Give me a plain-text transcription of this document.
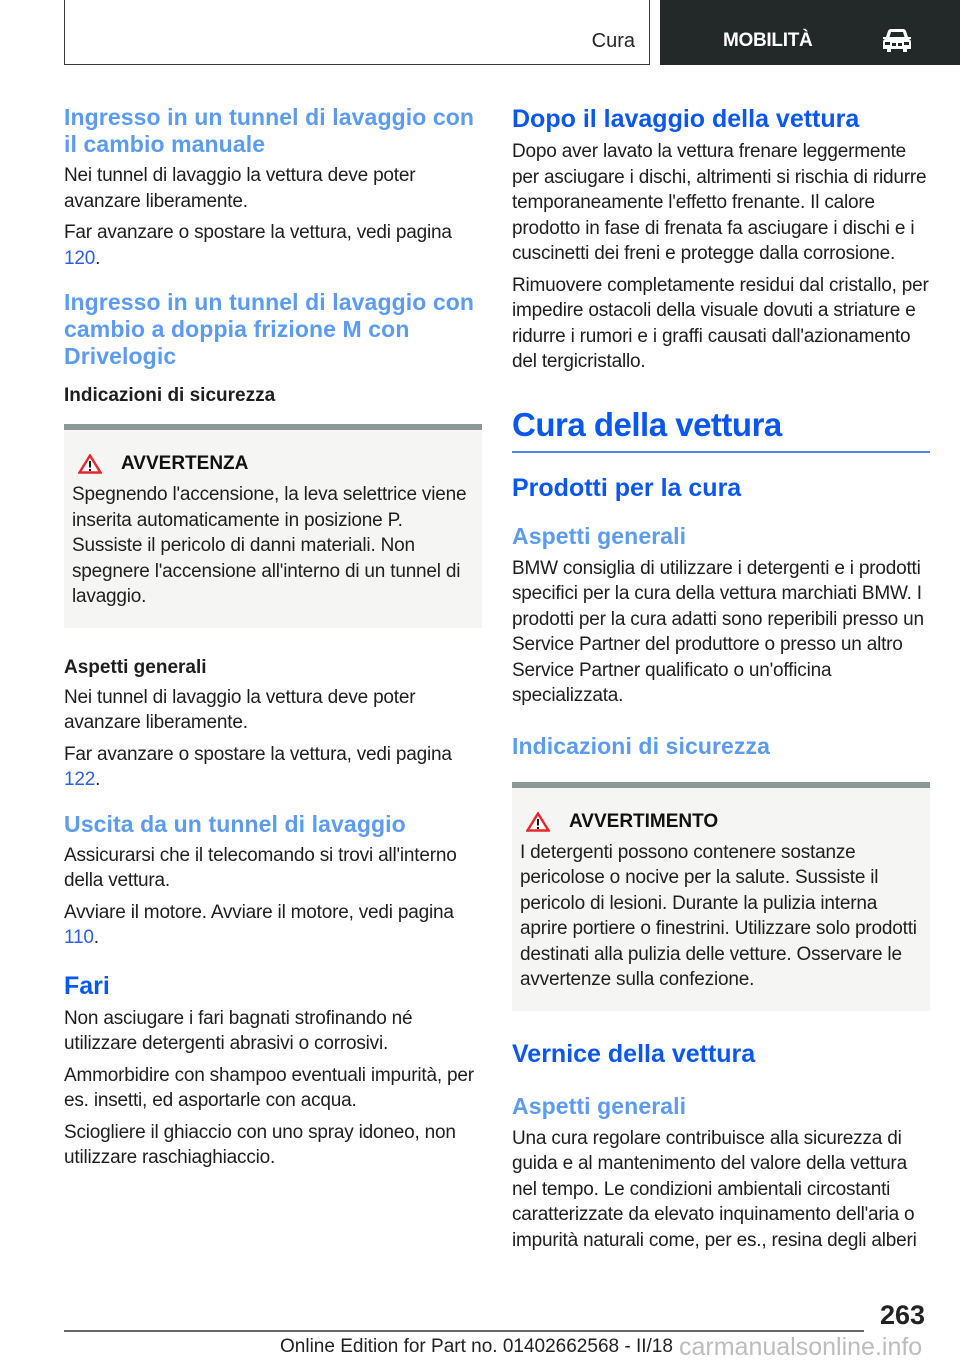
Cura	MOBILITÀ
Ingresso in un tunnel di lavaggio con il cambio manuale

Nei tunnel di lavaggio la vettura deve poter avanzare liberamente.

Far avanzare o spostare la vettura, vedi pagina 120.

Ingresso in un tunnel di lavaggio con cambio a doppia frizione M con Drivelogic
Indicazioni di sicurezza
AVVERTENZA

Spegnendo l'accensione, la leva selettrice viene inserita automaticamente in posizione P. Sussiste il pericolo di danni materiali. Non spegnere l'accensione all'interno di un tunnel di lavaggio.

Aspetti generali

Nei tunnel di lavaggio la vettura deve poter avanzare liberamente.

Far avanzare o spostare la vettura, vedi pagina 122.

Uscita da un tunnel di lavaggio

Assicurarsi che il telecomando si trovi all'interno della vettura.

Avviare il motore. Avviare il motore, vedi pagina 110.

Fari

Non asciugare i fari bagnati strofinando né utilizzare detergenti abrasivi o corrosivi.

Ammorbidire con shampoo eventuali impurità, per es. insetti, ed asportarle con acqua.

Sciogliere il ghiaccio con uno spray idoneo, non utilizzare raschiaghiaccio.

Dopo il lavaggio della vettura

Dopo aver lavato la vettura frenare leggermente per asciugare i dischi, altrimenti si rischia di ridurre temporaneamente l'effetto frenante. Il calore prodotto in fase di frenata fa asciugare i dischi e i cuscinetti dei freni e protegge dalla corrosione.

Rimuovere completamente residui dal cristallo, per impedire ostacoli della visuale dovuti a striature e ridurre i rumori e i graffi causati dall'azionamento del tergicristallo.

Cura della vettura
Prodotti per la cura
Aspetti generali

BMW consiglia di utilizzare i detergenti e i prodotti specifici per la cura della vettura marchiati BMW. I prodotti per la cura adatti sono reperibili presso un Service Partner del produttore o presso un altro Service Partner qualificato o un'officina specializzata.

Indicazioni di sicurezza
AVVERTIMENTO

I detergenti possono contenere sostanze pericolose o nocive per la salute. Sussiste il pericolo di lesioni. Durante la pulizia interna aprire portiere o finestrini. Utilizzare solo prodotti destinati alla pulizia delle vetture. Osservare le avvertenze sulla confezione.

Vernice della vettura
Aspetti generali

Una cura regolare contribuisce alla sicurezza di guida e al mantenimento del valore della vettura nel tempo. Le condizioni ambientali circostanti caratterizzate da elevato inquinamento dell'aria o impurità naturali come, per es., resina degli alberi

263
Online Edition for Part no. 01402662568 - II/18 carmanualsonline.info
